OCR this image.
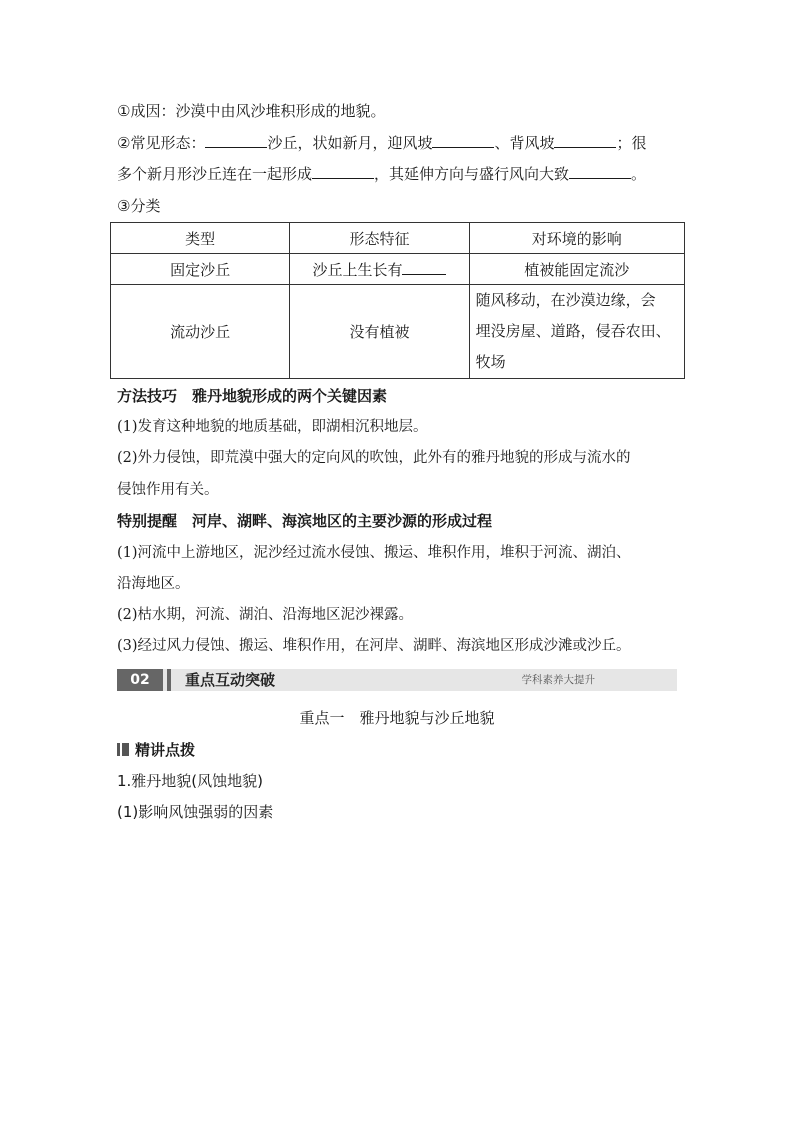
①成因：沙漠中由风沙堆积形成的地貌。
②常见形态：	沙丘，状如新月，迎风坡	、背风坡	；很
多个新月形沙丘连在一起形成	，其延伸方向与盛行风向大致	。
③分类
类型	形态特征	对环境的影响
固定沙丘	沙丘上生长有	植被能固定流沙
流动沙丘	没有植被	随风移动，在沙漠边缘，会
埋没房屋、道路，侵吞农田、
牧场
方法技巧　雅丹地貌形成的两个关键因素
(1)发育这种地貌的地质基础，即湖相沉积地层。
(2)外力侵蚀，即荒漠中强大的定向风的吹蚀，此外有的雅丹地貌的形成与流水的
侵蚀作用有关。
特别提醒　河岸、湖畔、海滨地区的主要沙源的形成过程
(1)河流中上游地区，泥沙经过流水侵蚀、搬运、堆积作用，堆积于河流、湖泊、
沿海地区。
(2)枯水期，河流、湖泊、沿海地区泥沙裸露。
(3)经过风力侵蚀、搬运、堆积作用，在河岸、湖畔、海滨地区形成沙滩或沙丘。
02	重点互动突破	学科素养大提升
重点一　雅丹地貌与沙丘地貌
精讲点拨
1.雅丹地貌(风蚀地貌)
(1)影响风蚀强弱的因素
